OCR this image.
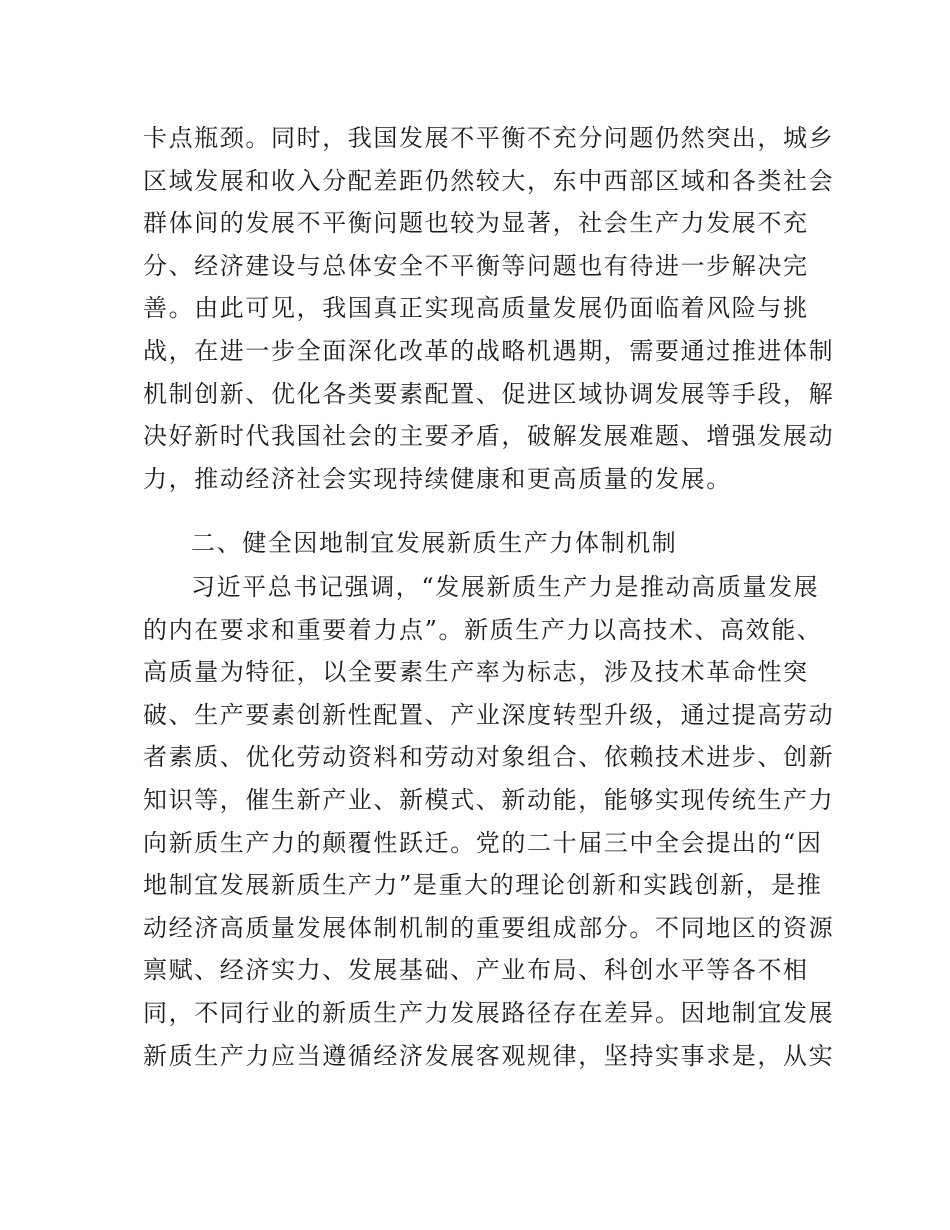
卡点瓶颈。同时，我国发展不平衡不充分问题仍然突出，城乡
区域发展和收入分配差距仍然较大，东中西部区域和各类社会
群体间的发展不平衡问题也较为显著，社会生产力发展不充
分、经济建设与总体安全不平衡等问题也有待进一步解决完
善。由此可见，我国真正实现高质量发展仍面临着风险与挑
战，在进一步全面深化改革的战略机遇期，需要通过推进体制
机制创新、优化各类要素配置、促进区域协调发展等手段，解
决好新时代我国社会的主要矛盾，破解发展难题、增强发展动
力，推动经济社会实现持续健康和更高质量的发展。
二、健全因地制宜发展新质生产力体制机制
习近平总书记强调，“发展新质生产力是推动高质量发展
的内在要求和重要着力点”。新质生产力以高技术、高效能、
高质量为特征，以全要素生产率为标志，涉及技术革命性突
破、生产要素创新性配置、产业深度转型升级，通过提高劳动
者素质、优化劳动资料和劳动对象组合、依赖技术进步、创新
知识等，催生新产业、新模式、新动能，能够实现传统生产力
向新质生产力的颠覆性跃迁。党的二十届三中全会提出的“因
地制宜发展新质生产力”是重大的理论创新和实践创新，是推
动经济高质量发展体制机制的重要组成部分。不同地区的资源
禀赋、经济实力、发展基础、产业布局、科创水平等各不相
同，不同行业的新质生产力发展路径存在差异。因地制宜发展
新质生产力应当遵循经济发展客观规律，坚持实事求是，从实
